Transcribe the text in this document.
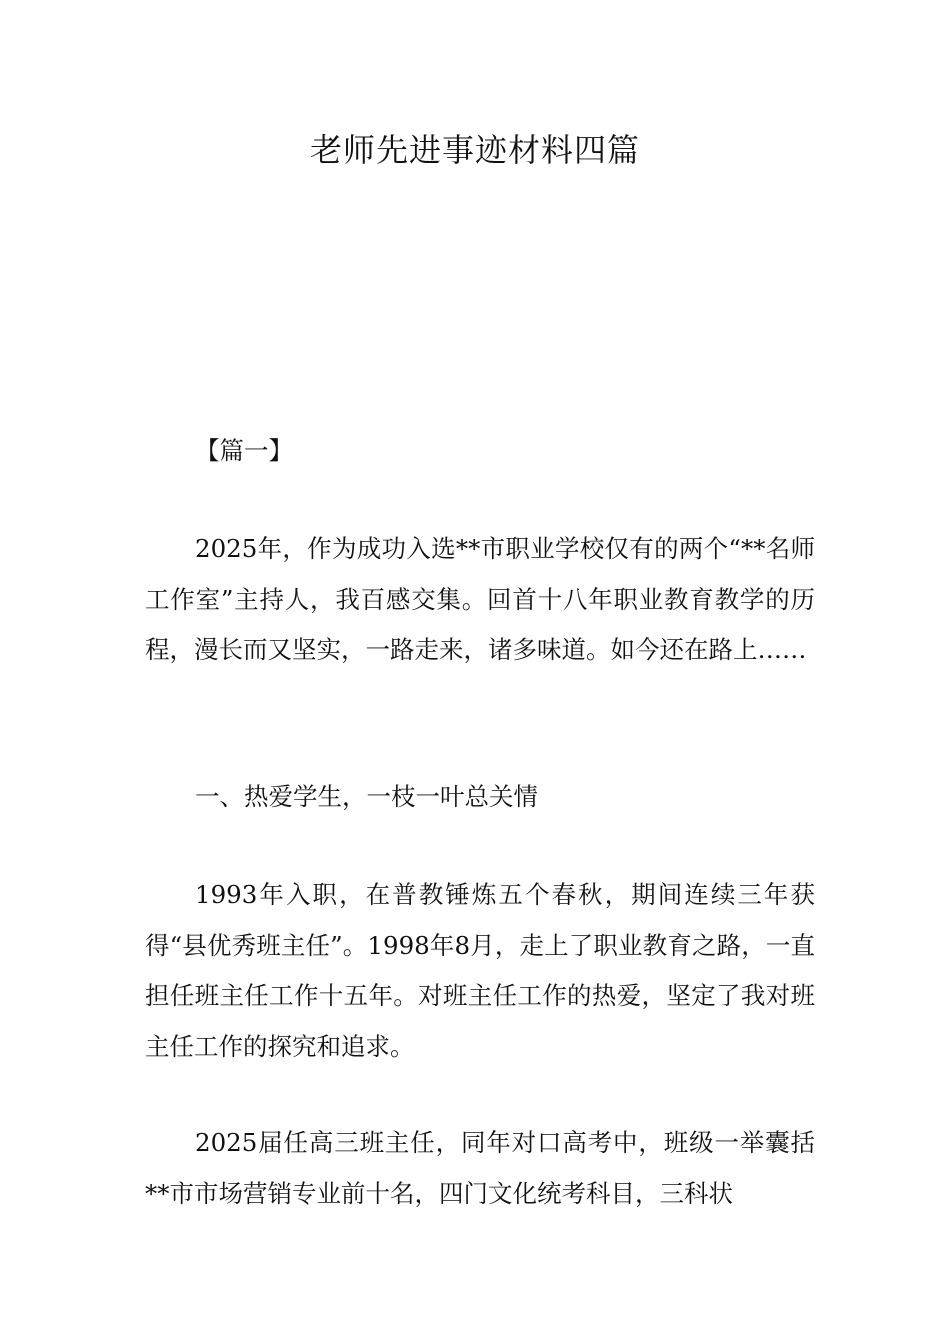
老师先进事迹材料四篇

【篇一】

2025年，作为成功入选**市职业学校仅有的两个“**名师工作室”主持人，我百感交集。回首十八年职业教育教学的历程，漫长而又坚实，一路走来，诸多味道。如今还在路上……

一、热爱学生，一枝一叶总关情

1993年入职，在普教锤炼五个春秋，期间连续三年获得“县优秀班主任”。1998年8月，走上了职业教育之路，一直担任班主任工作十五年。对班主任工作的热爱，坚定了我对班主任工作的探究和追求。

2025届任高三班主任，同年对口高考中，班级一举囊括**市市场营销专业前十名，四门文化统考科目，三科状
